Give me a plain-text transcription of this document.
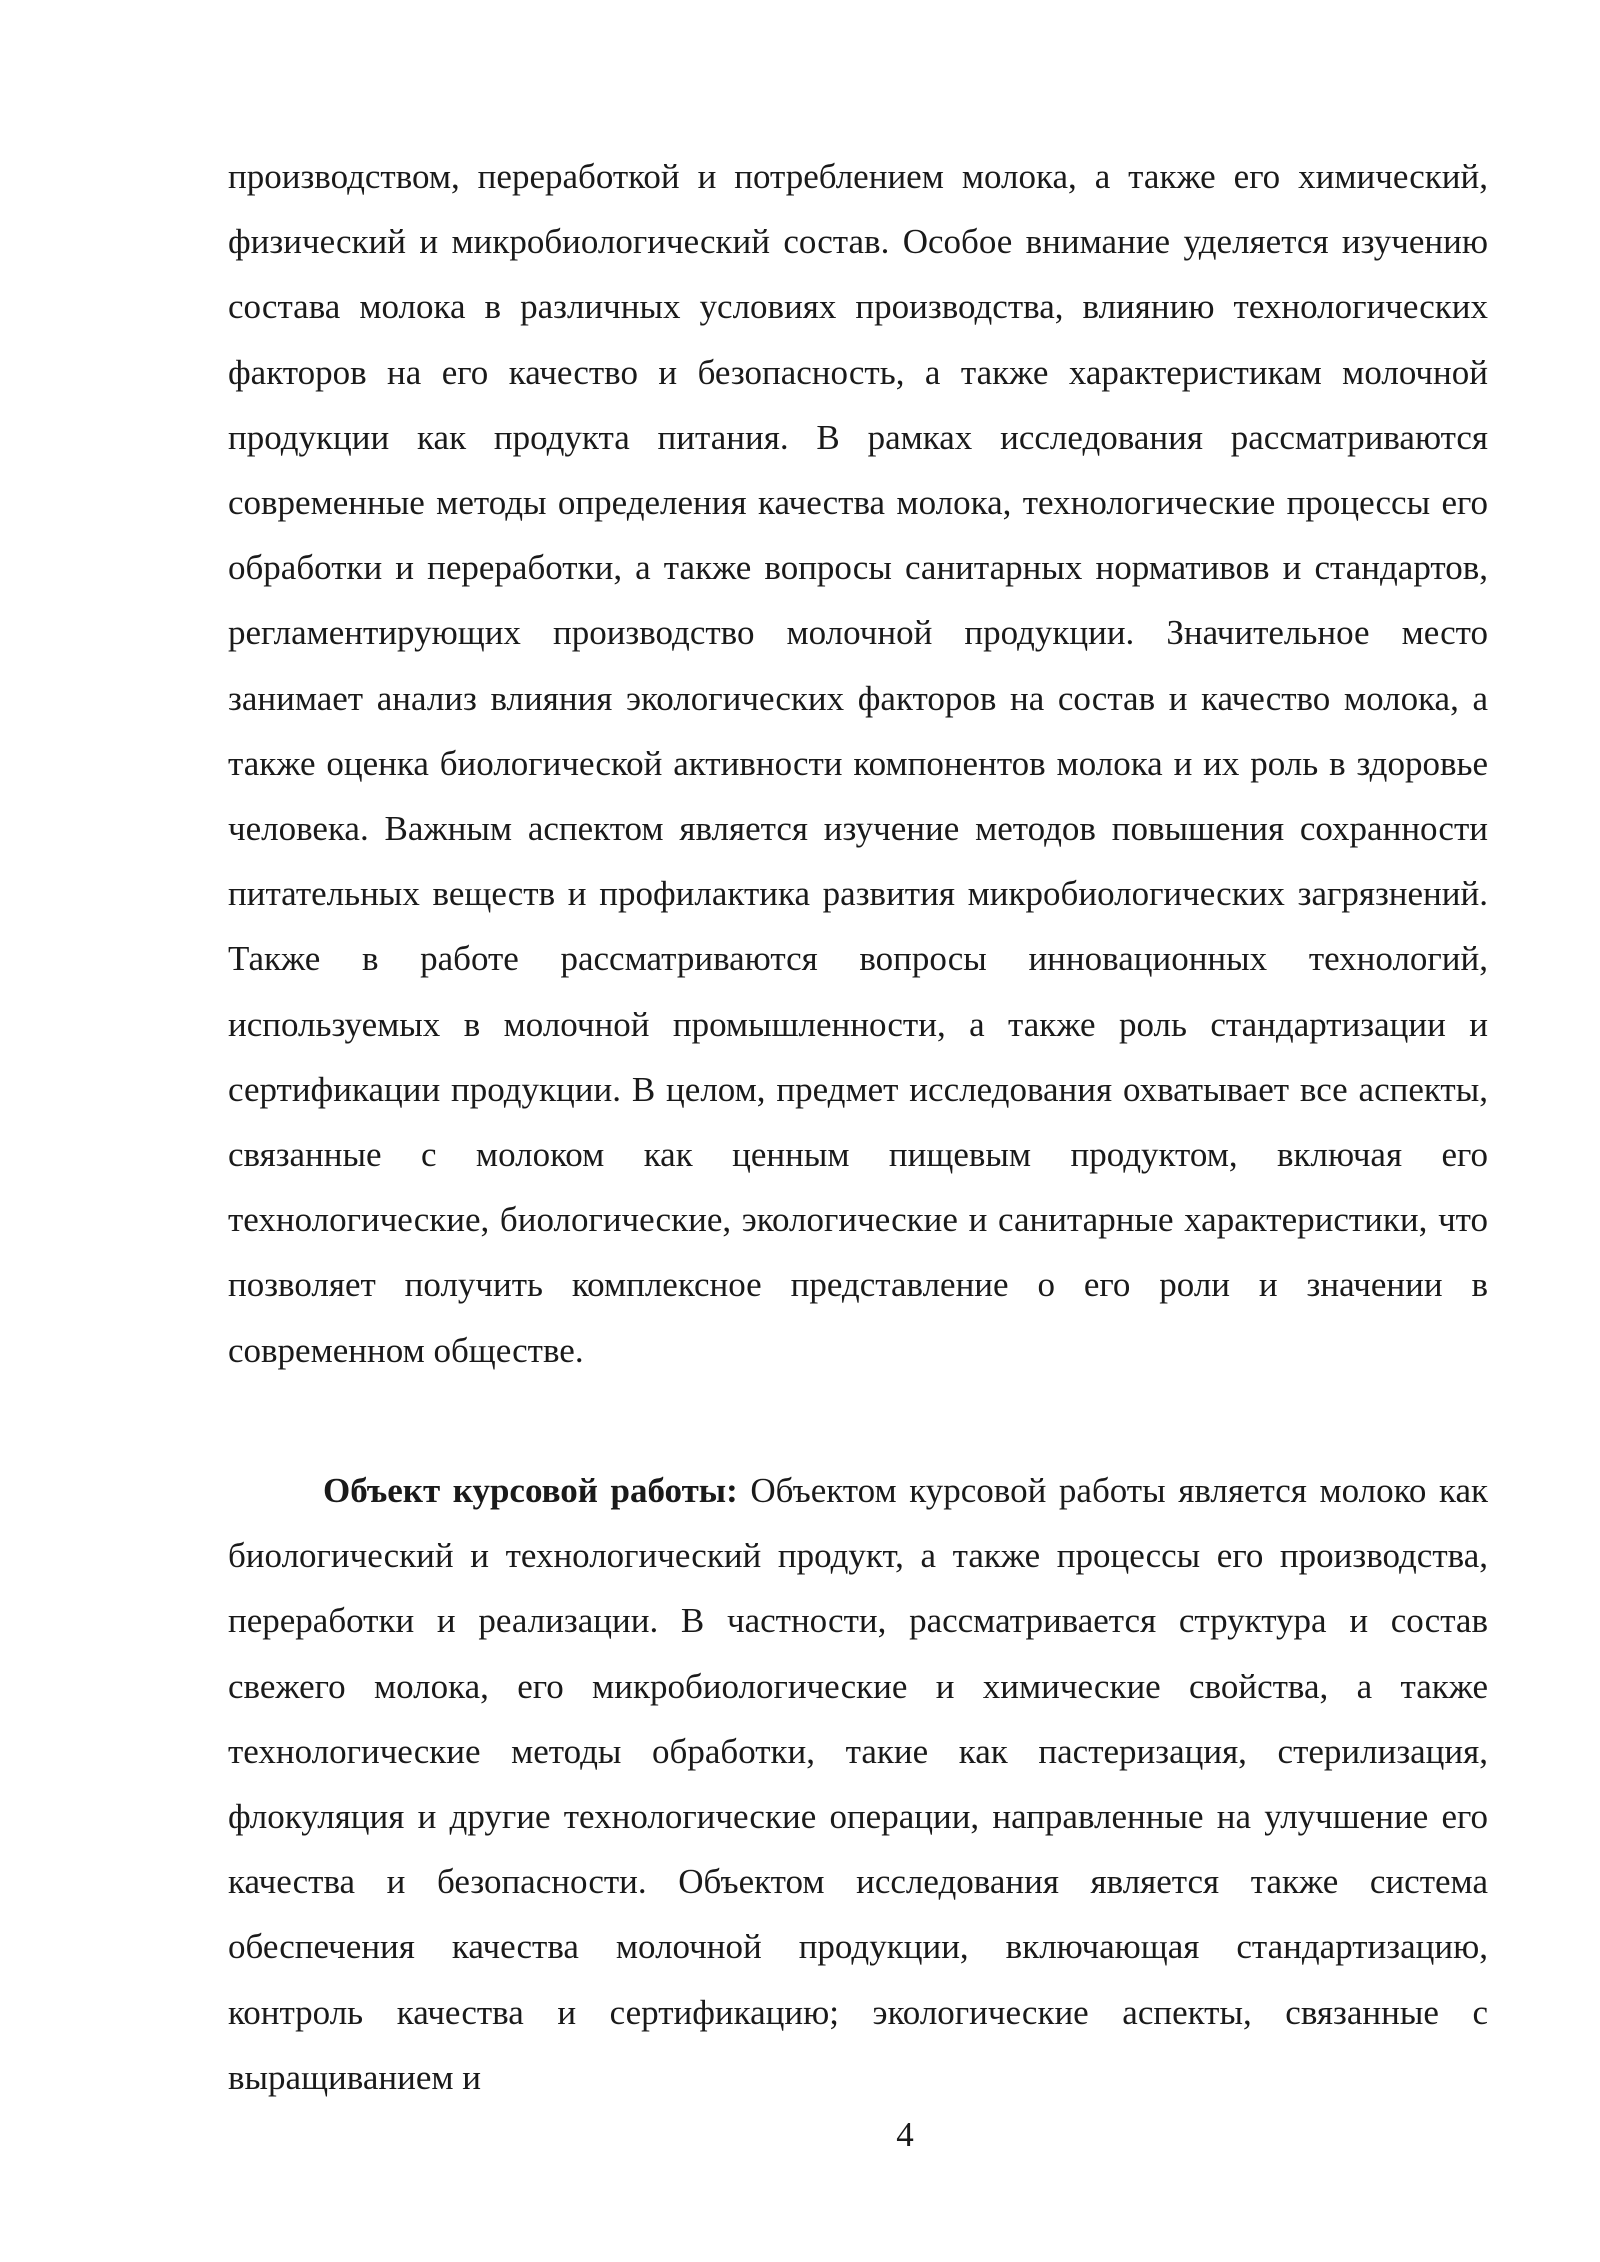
производством, переработкой и потреблением молока, а также его химический, физический и микробиологический состав. Особое внимание уделяется изучению состава молока в различных условиях производства, влиянию технологических факторов на его качество и безопасность, а также характеристикам молочной продукции как продукта питания. В рамках исследования рассматриваются современные методы определения качества молока, технологические процессы его обработки и переработки, а также вопросы санитарных нормативов и стандартов, регламентирующих производство молочной продукции. Значительное место занимает анализ влияния экологических факторов на состав и качество молока, а также оценка биологической активности компонентов молока и их роль в здоровье человека. Важным аспектом является изучение методов повышения сохранности питательных веществ и профилактика развития микробиологических загрязнений. Также в работе рассматриваются вопросы инновационных технологий, используемых в молочной промышленности, а также роль стандартизации и сертификации продукции. В целом, предмет исследования охватывает все аспекты, связанные с молоком как ценным пищевым продуктом, включая его технологические, биологические, экологические и санитарные характеристики, что позволяет получить комплексное представление о его роли и значении в современном обществе.

Объект курсовой работы: Объектом курсовой работы является молоко как биологический и технологический продукт, а также процессы его производства, переработки и реализации. В частности, рассматривается структура и состав свежего молока, его микробиологические и химические свойства, а также технологические методы обработки, такие как пастеризация, стерилизация, флокуляция и другие технологические операции, направленные на улучшение его качества и безопасности. Объектом исследования является также система обеспечения качества молочной продукции, включающая стандартизацию, контроль качества и сертификацию; экологические аспекты, связанные с выращиванием и

4
